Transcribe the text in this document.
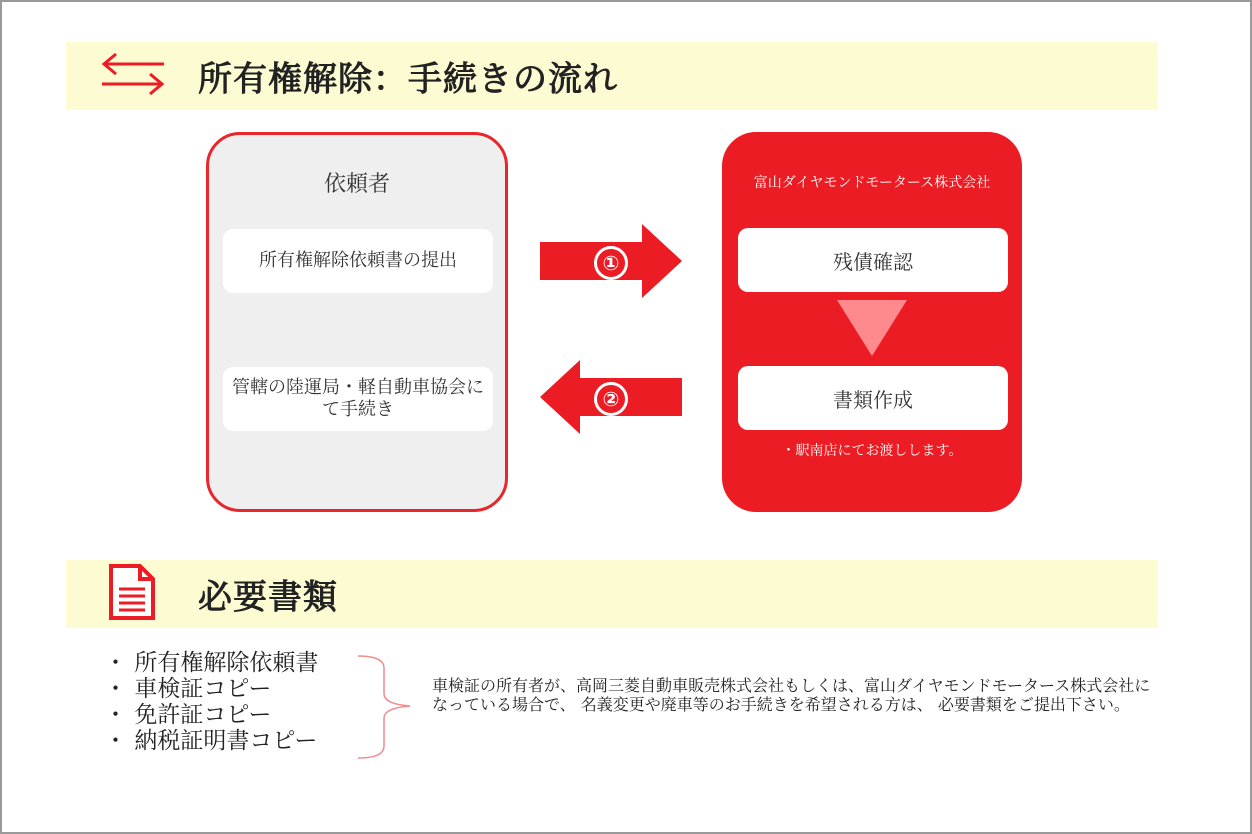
所有権解除：手続きの流れ
依頼者
所有権解除依頼書の提出
管轄の陸運局・軽自動車協会にて手続き
①
②
富山ダイヤモンドモータース株式会社
残債確認
書類作成
・駅南店にてお渡しします。
必要書類
・ 所有権解除依頼書
・ 車検証コピー
・ 免許証コピー
・ 納税証明書コピー
車検証の所有者が、高岡三菱自動車販売株式会社もしくは、富山ダイヤモンドモータース株式会社になっている場合で、 名義変更や廃車等のお手続きを希望される方は、 必要書類をご提出下さい。
